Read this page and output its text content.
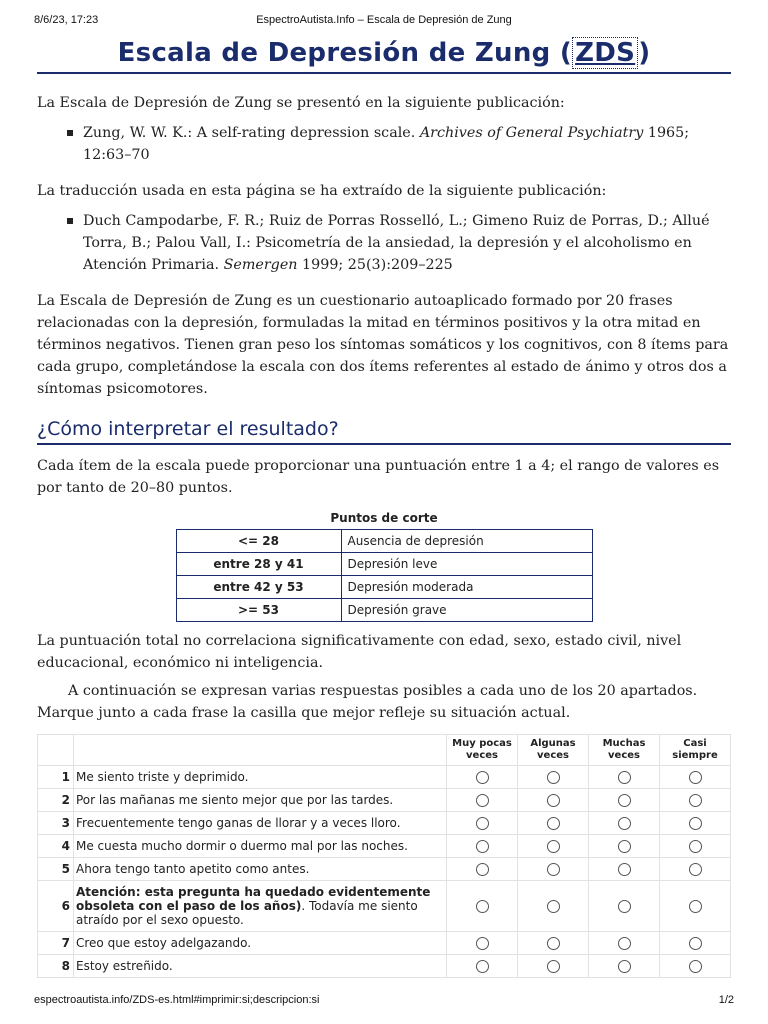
8/6/23, 17:23	EspectroAutista.Info – Escala de Depresión de Zung
Escala de Depresión de Zung ( ZDS )

La Escala de Depresión de Zung se presentó en la siguiente publicación:

Zung, W. W. K.: A self-rating depression scale. Archives of General Psychiatry 1965; 12:63–70

La traducción usada en esta página se ha extraído de la siguiente publicación:

Duch Campodarbe, F. R.; Ruiz de Porras Rosselló, L.; Gimeno Ruiz de Porras, D.; Allué Torra, B.; Palou Vall, I.: Psicometría de la ansiedad, la depresión y el alcoholismo en Atención Primaria. Semergen 1999; 25(3):209–225

La Escala de Depresión de Zung es un cuestionario autoaplicado formado por 20 frases relacionadas con la depresión, formuladas la mitad en términos positivos y la otra mitad en términos negativos. Tienen gran peso los síntomas somáticos y los cognitivos, con 8 ítems para cada grupo, completándose la escala con dos ítems referentes al estado de ánimo y otros dos a síntomas psicomotores.

¿Cómo interpretar el resultado?

Cada ítem de la escala puede proporcionar una puntuación entre 1 a 4; el rango de valores es por tanto de 20–80 puntos.

Puntos de corte
<= 28	Ausencia de depresión
entre 28 y 41	Depresión leve
entre 42 y 53	Depresión moderada
>= 53	Depresión grave

La puntuación total no correlaciona significativamente con edad, sexo, estado civil, nivel educacional, económico ni inteligencia.

A continuación se expresan varias respuestas posibles a cada uno de los 20 apartados. Marque junto a cada frase la casilla que mejor refleje su situación actual.

		Muy pocas veces	Algunas veces	Muchas veces	Casi siempre
1	Me siento triste y deprimido.				
2	Por las mañanas me siento mejor que por las tardes.				
3	Frecuentemente tengo ganas de llorar y a veces lloro.				
4	Me cuesta mucho dormir o duermo mal por las noches.				
5	Ahora tengo tanto apetito como antes.				
6	Atención: esta pregunta ha quedado evidentemente obsoleta con el paso de los años). Todavía me siento atraído por el sexo opuesto.				
7	Creo que estoy adelgazando.				
8	Estoy estreñido.				
espectroautista.info/ZDS-es.html#imprimir:si;descripcion:si	1/2
